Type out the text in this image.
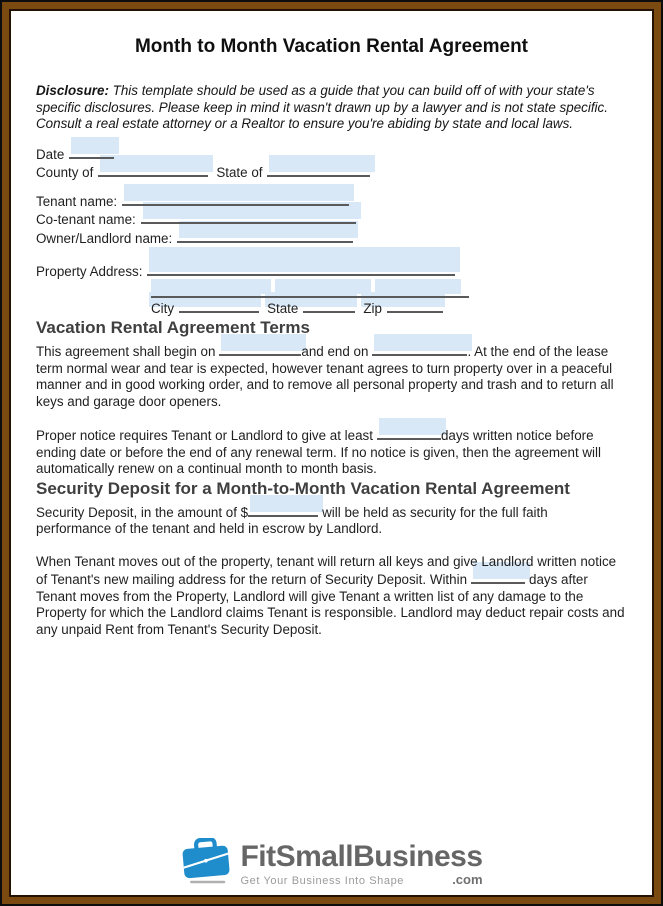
Month to Month Vacation Rental Agreement

Disclosure: This template should be used as a guide that you can build off of with your state's specific disclosures. Please keep in mind it wasn't drawn up by a lawyer and is not state specific. Consult a real estate attorney or a Realtor to ensure you're abiding by state and local laws.

Date
County of	State of
Tenant name:
Co-tenant name:
Owner/Landlord name:
Property Address:
City	State	Zip
Vacation Rental Agreement Terms

This agreement shall begin on	and end on	. At the end of the lease term normal wear and tear is expected, however tenant agrees to turn property over in a peaceful manner and in good working order, and to remove all personal property and trash and to return all keys and garage door openers.

Proper notice requires Tenant or Landlord to give at least	days written notice before ending date or before the end of any renewal term. If no notice is given, then the agreement will automatically renew on a continual month to month basis.

Security Deposit for a Month-to-Month Vacation Rental Agreement

Security Deposit, in the amount of $	will be held as security for the full faith performance of the tenant and held in escrow by Landlord.

When Tenant moves out of the property, tenant will return all keys and give Landlord written notice of Tenant's new mailing address for the return of Security Deposit. Within	days after Tenant moves from the Property, Landlord will give Tenant a written list of any damage to the Property for which the Landlord claims Tenant is responsible. Landlord may deduct repair costs and any unpaid Rent from Tenant's Security Deposit.

FitSmallBusiness
Get Your Business Into Shape	.com
